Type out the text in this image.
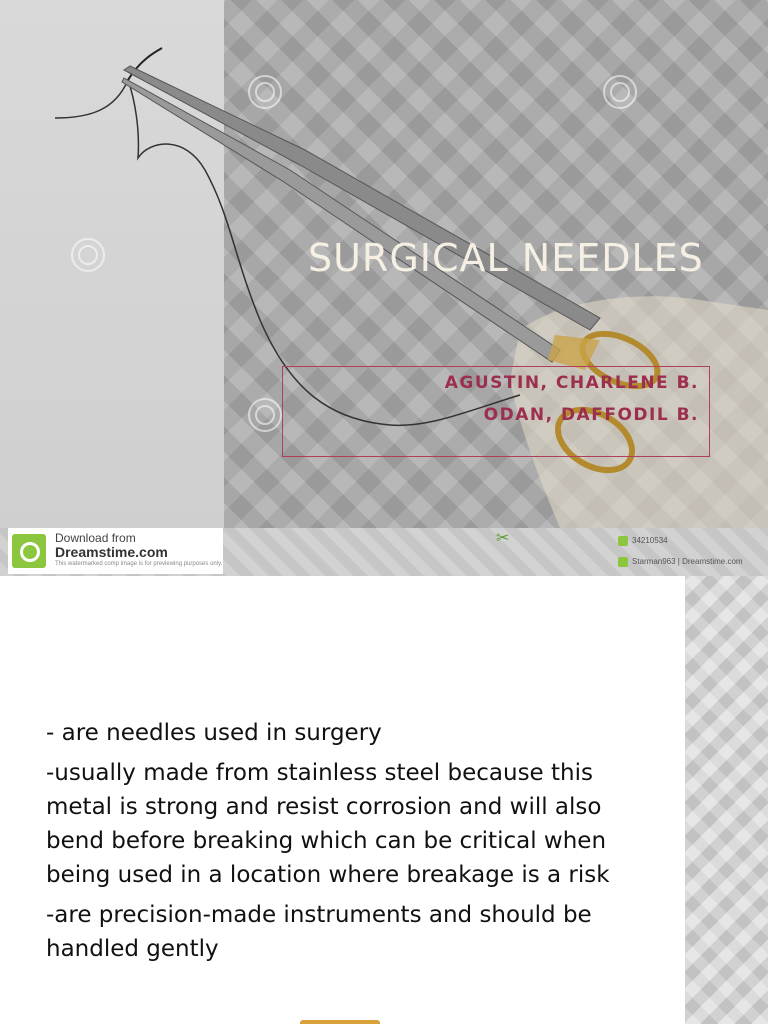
SURGICAL NEEDLES
AGUSTIN, CHARLENE B.
ODAN, DAFFODIL B.
Download from
Dreamstime.com
This watermarked comp image is for previewing purposes only.
✂	34210534
Starman963 | Dreamstime.com

- are needles used in surgery

-usually made from stainless steel because this metal is strong and resist corrosion and will also bend before breaking which can be critical when being used in a location where breakage is a risk

-are precision-made instruments and should be handled gently
